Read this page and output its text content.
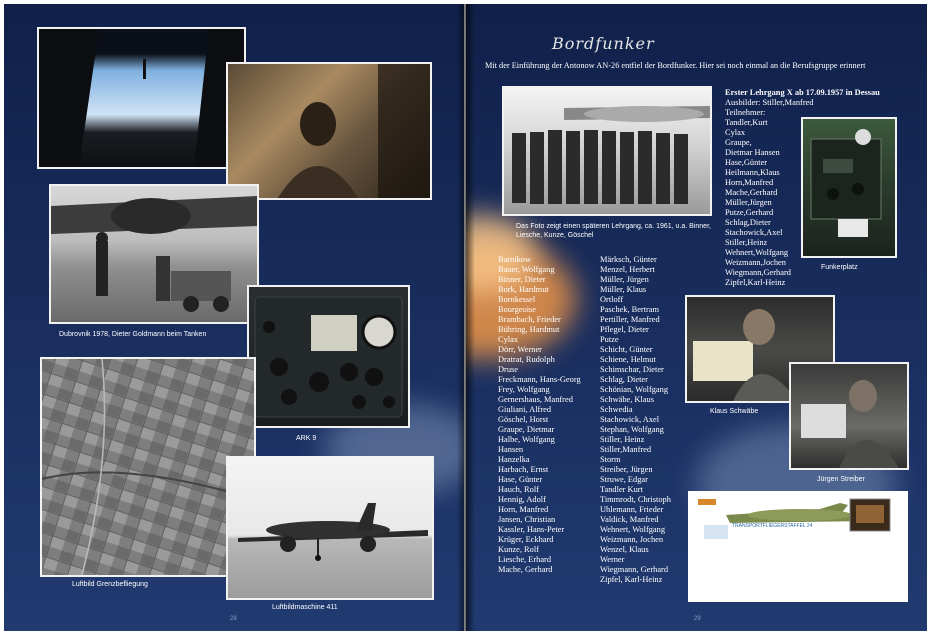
Dubrovnik 1978, Dieter Goldmann beim Tanken
ARK 9
Luftbild Grenzbefliegung
Luftbildmaschine 411
28
Bordfunker
Mit der Einführung der Antonow AN-26 entfiel der Bordfunker. Hier sei noch einmal an die Berufsgruppe erinnert
Das Foto zeigt einen späteren Lehrgang, ca. 1961, u.a. Binner, Liesche, Kunze, Göschel
Erster Lehrgang X ab 17.09.1957 in Dessau
Ausbilder: Stiller,Manfred
Teilnehmer:
Tandler,Kurt
Cylax
Graupe,
Dietmar Hansen
Hase,Günter
Heilmann,Klaus
Horn,Manfred
Mache,Gerhard
Müller,Jürgen
Putze,Gerhard
Schlag,Dieter
Stachowick,Axel
Stiller,Heinz
Wehnert,Wolfgang
Weizmann,Jochen
Wiegmann,Gerhard
Zipfel,Karl-Heinz
Funkerplatz
Barnikow
Bauer, Wolfgang
Binner, Dieter
Bork, Hardmut
Bornkessel
Bourgeoise
Brambach, Frieder
Bühring, Hardmut
Cylax
Dörr, Werner
Dratrat, Rudolph
Druse
Freckmann, Hans-Georg
Frey, Wolfgang
Gernershaus, Manfred
Giuliani, Alfred
Göschel, Horst
Graupe, Dietmar
Halbe, Wolfgang
Hansen
Hanzelka
Harbach, Ernst
Hase, Günter
Hauch, Rolf
Hennig, Adolf
Horn, Manfred
Jansen, Christian
Kassler, Hans-Peter
Krüger, Eckhard
Kunze, Rolf
Liesche, Erhard
Mache, Gerhard
Märksch, Günter
Menzel, Herbert
Müller, Jürgen
Müller, Klaus
Ortloff
Paschek, Bertram
Pertiller, Manfred
Pflegel, Dieter
Putze
Schicht, Günter
Schiene, Helmut
Schimschar, Dieter
Schlag, Dieter
Schönian, Wolfgang
Schwäbe, Klaus
Schwedia
Stachowick, Axel
Stephan, Wolfgang
Stiller, Heinz
Stiller,Manfred
Storm
Streiber, Jürgen
Struwe, Edgar
Tandler Kurt
Timmrodt, Christoph
Uhlemann, Frieder
Valdick, Manfred
Wehnert, Wolfgang
Weizmann, Jochen
Wenzel, Klaus
Werner
Wiegmann, Gerhard
Zipfel, Karl-Heinz
Klaus Schwäbe
Jürgen Streiber
TRANSPORTFLIEGERSTAFFEL 24
29
